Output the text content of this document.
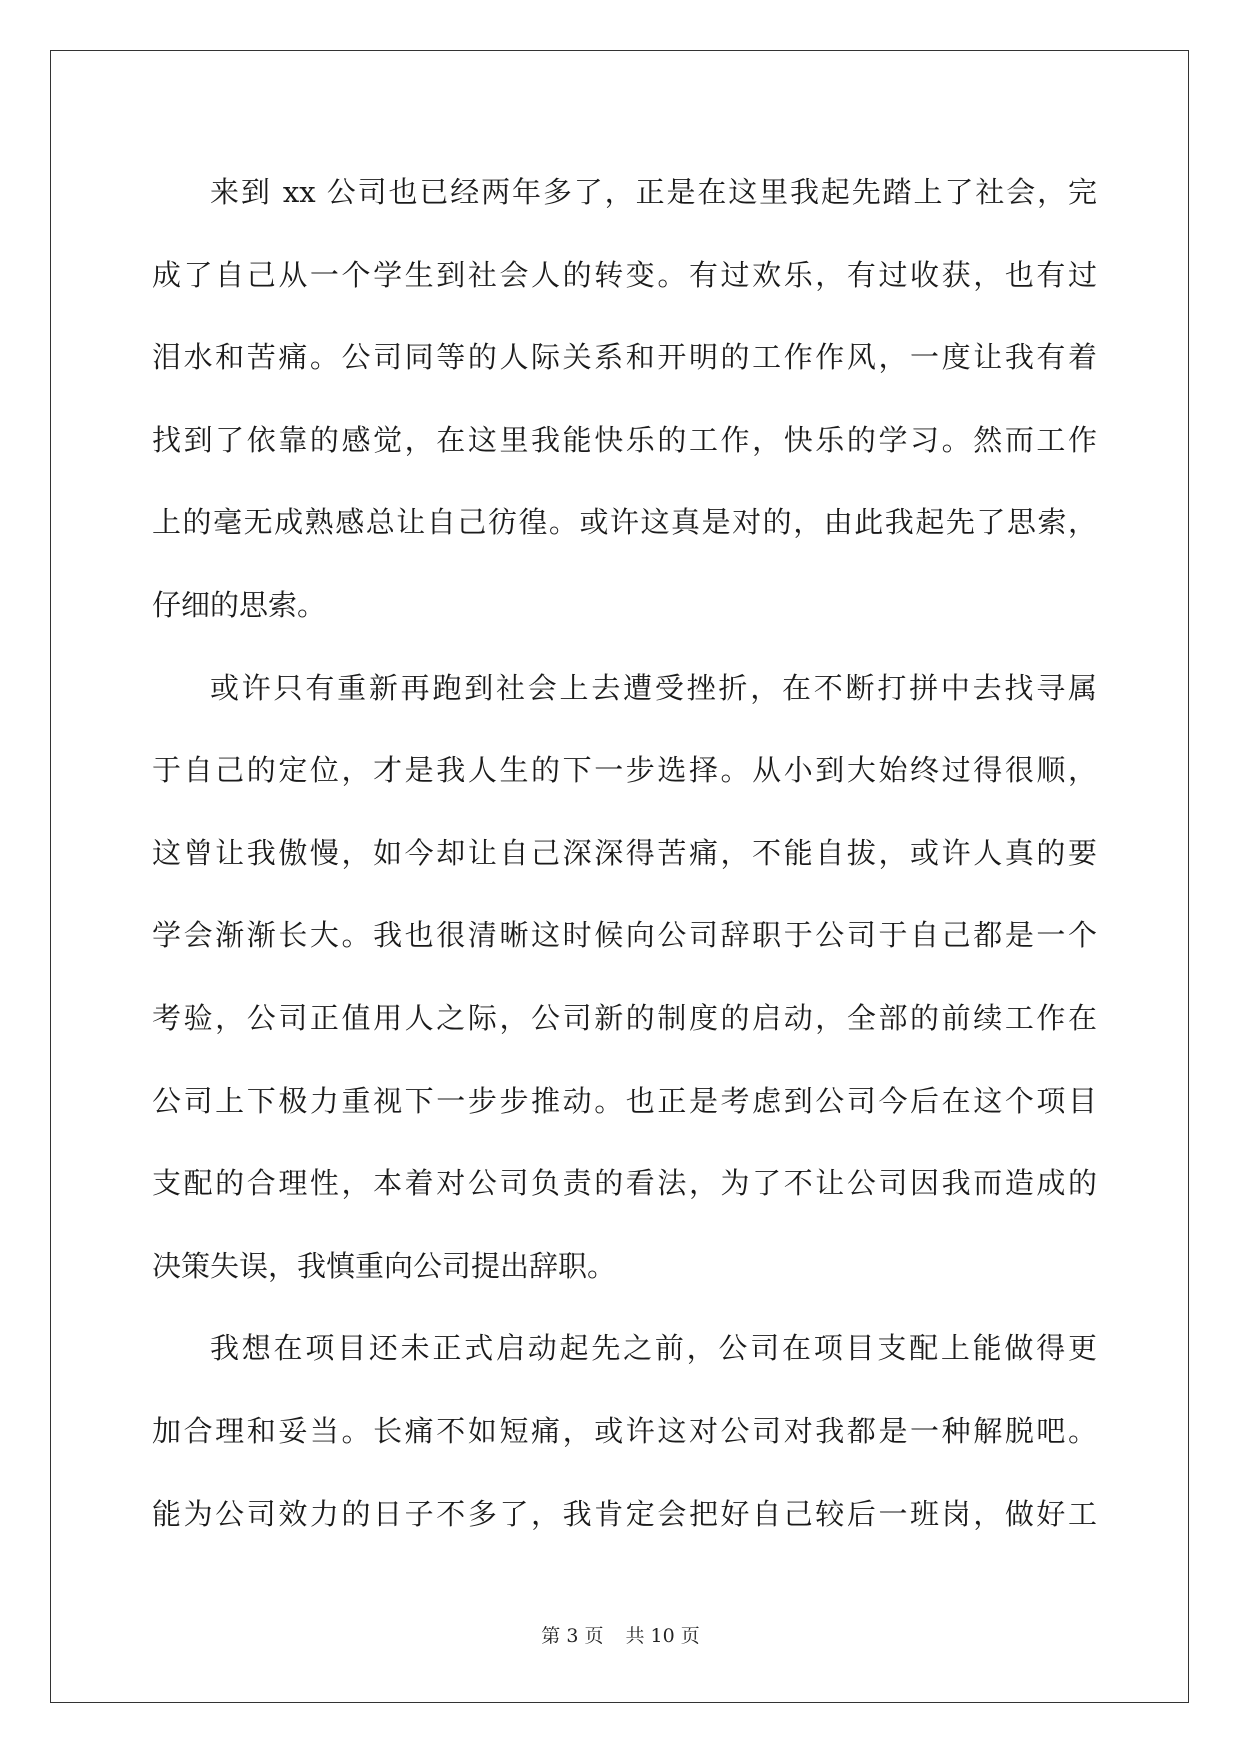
来到 xx 公司也已经两年多了，正是在这里我起先踏上了社会，完
成了自己从一个学生到社会人的转变。有过欢乐，有过收获，也有过
泪水和苦痛。公司同等的人际关系和开明的工作作风，一度让我有着
找到了依靠的感觉，在这里我能快乐的工作，快乐的学习。然而工作
上的毫无成熟感总让自己彷徨。或许这真是对的，由此我起先了思索，
仔细的思索。
或许只有重新再跑到社会上去遭受挫折，在不断打拼中去找寻属
于自己的定位，才是我人生的下一步选择。从小到大始终过得很顺，
这曾让我傲慢，如今却让自己深深得苦痛，不能自拔，或许人真的要
学会渐渐长大。我也很清晰这时候向公司辞职于公司于自己都是一个
考验，公司正值用人之际，公司新的制度的启动，全部的前续工作在
公司上下极力重视下一步步推动。也正是考虑到公司今后在这个项目
支配的合理性，本着对公司负责的看法，为了不让公司因我而造成的
决策失误，我慎重向公司提出辞职。
我想在项目还未正式启动起先之前，公司在项目支配上能做得更
加合理和妥当。长痛不如短痛，或许这对公司对我都是一种解脱吧。
能为公司效力的日子不多了，我肯定会把好自己较后一班岗，做好工
第 3 页 共 10 页
